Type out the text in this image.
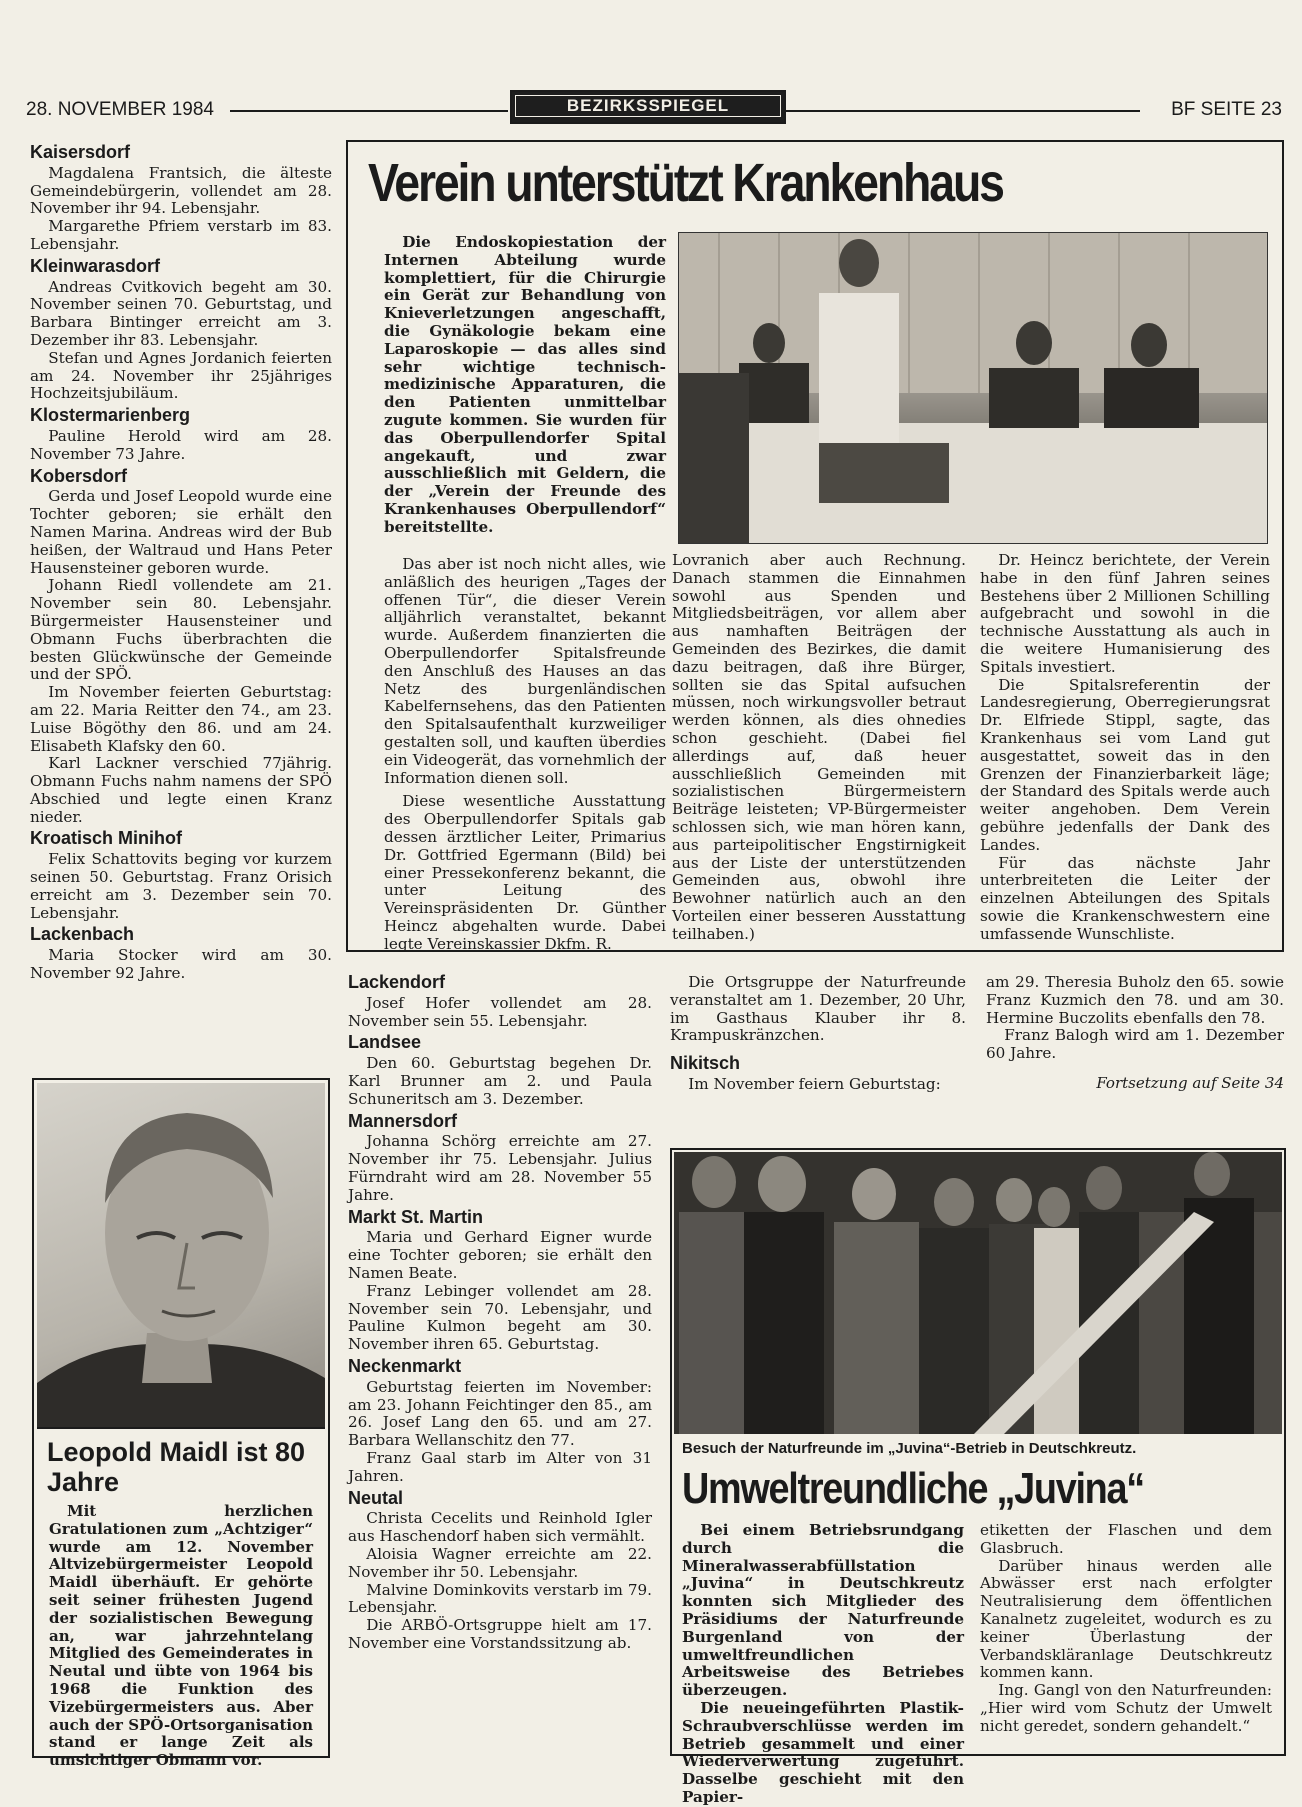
28. NOVEMBER 1984	BEZIRKSSPIEGEL	BF SEITE 23
Kaisersdorf

Magdalena Frantsich, die älteste Gemeindebürgerin, vollendet am 28. November ihr 94. Lebensjahr.

Margarethe Pfriem verstarb im 83. Lebensjahr.

Kleinwarasdorf

Andreas Cvitkovich begeht am 30. November seinen 70. Geburtstag, und Barbara Bintinger erreicht am 3. Dezember ihr 83. Lebensjahr.

Stefan und Agnes Jordanich feierten am 24. November ihr 25jähriges Hochzeitsjubiläum.

Klostermarienberg

Pauline Herold wird am 28. November 73 Jahre.

Kobersdorf

Gerda und Josef Leopold wurde eine Tochter geboren; sie erhält den Namen Marina. Andreas wird der Bub heißen, der Waltraud und Hans Peter Hausensteiner geboren wurde.

Johann Riedl vollendete am 21. November sein 80. Lebensjahr. Bürgermeister Hausensteiner und Obmann Fuchs überbrachten die besten Glückwünsche der Gemeinde und der SPÖ.

Im November feierten Geburtstag: am 22. Maria Reitter den 74., am 23. Luise Bögöthy den 86. und am 24. Elisabeth Klafsky den 60.

Karl Lackner verschied 77jährig. Obmann Fuchs nahm namens der SPÖ Abschied und legte einen Kranz nieder.

Kroatisch Minihof

Felix Schattovits beging vor kurzem seinen 50. Geburtstag. Franz Orisich erreicht am 3. Dezember sein 70. Lebensjahr.

Lackenbach

Maria Stocker wird am 30. November 92 Jahre.

Leopold Maidl ist 80 Jahre

Mit herzlichen Gratulationen zum „Achtziger“ wurde am 12. November Altvizebürgermeister Leopold Maidl überhäuft. Er gehörte seit seiner frühesten Jugend der sozialistischen Bewegung an, war jahrzehntelang Mitglied des Gemeinderates in Neutal und übte von 1964 bis 1968 die Funktion des Vizebürgermeisters aus. Aber auch der SPÖ-Ortsorganisation stand er lange Zeit als umsichtiger Obmann vor.

Verein unterstützt Krankenhaus

Die Endoskopiestation der Internen Abteilung wurde komplettiert, für die Chirurgie ein Gerät zur Behandlung von Knieverletzungen angeschafft, die Gynäkologie bekam eine Laparoskopie — das alles sind sehr wichtige technisch-medizinische Apparaturen, die den Patienten unmittelbar zugute kommen. Sie wurden für das Oberpullendorfer Spital angekauft, und zwar ausschließlich mit Geldern, die der „Verein der Freunde des Krankenhauses Oberpullendorf“ bereitstellte.

Das aber ist noch nicht alles, wie anläßlich des heurigen „Tages der offenen Tür“, die dieser Verein alljährlich veranstaltet, bekannt wurde. Außerdem finanzierten die Oberpullendorfer Spitalsfreunde den Anschluß des Hauses an das Netz des burgenländischen Kabelfernsehens, das den Patienten den Spitalsaufenthalt kurzweiliger gestalten soll, und kauften überdies ein Videogerät, das vornehmlich der Information dienen soll.

Diese wesentliche Ausstattung des Oberpullendorfer Spitals gab dessen ärztlicher Leiter, Primarius Dr. Gottfried Egermann (Bild) bei einer Pressekonferenz bekannt, die unter Leitung des Vereinspräsidenten Dr. Günther Heincz abgehalten wurde. Dabei legte Vereinskassier Dkfm. R.

Lovranich aber auch Rechnung. Danach stammen die Einnahmen sowohl aus Spenden und Mitgliedsbeiträgen, vor allem aber aus namhaften Beiträgen der Gemeinden des Bezirkes, die damit dazu beitragen, daß ihre Bürger, sollten sie das Spital aufsuchen müssen, noch wirkungsvoller betraut werden können, als dies ohnedies schon geschieht. (Dabei fiel allerdings auf, daß heuer ausschließlich Gemeinden mit sozialistischen Bürgermeistern Beiträge leisteten; VP-Bürgermeister schlossen sich, wie man hören kann, aus parteipolitischer Engstirnigkeit aus der Liste der unterstützenden Gemeinden aus, obwohl ihre Bewohner natürlich auch an den Vorteilen einer besseren Ausstattung teilhaben.)

Dr. Heincz berichtete, der Verein habe in den fünf Jahren seines Bestehens über 2 Millionen Schilling aufgebracht und sowohl in die technische Ausstattung als auch in die weitere Humanisierung des Spitals investiert.

Die Spitalsreferentin der Landesregierung, Oberregierungsrat Dr. Elfriede Stippl, sagte, das Krankenhaus sei vom Land gut ausgestattet, soweit das in den Grenzen der Finanzierbarkeit läge; der Standard des Spitals werde auch weiter angehoben. Dem Verein gebühre jedenfalls der Dank des Landes.

Für das nächste Jahr unterbreiteten die Leiter der einzelnen Abteilungen des Spitals sowie die Krankenschwestern eine umfassende Wunschliste.

Lackendorf

Josef Hofer vollendet am 28. November sein 55. Lebensjahr.

Landsee

Den 60. Geburtstag begehen Dr. Karl Brunner am 2. und Paula Schuneritsch am 3. Dezember.

Mannersdorf

Johanna Schörg erreichte am 27. November ihr 75. Lebensjahr. Julius Fürndraht wird am 28. November 55 Jahre.

Markt St. Martin

Maria und Gerhard Eigner wurde eine Tochter geboren; sie erhält den Namen Beate.

Franz Lebinger vollendet am 28. November sein 70. Lebensjahr, und Pauline Kulmon begeht am 30. November ihren 65. Geburtstag.

Neckenmarkt

Geburtstag feierten im November: am 23. Johann Feichtinger den 85., am 26. Josef Lang den 65. und am 27. Barbara Wellanschitz den 77.

Franz Gaal starb im Alter von 31 Jahren.

Neutal

Christa Cecelits und Reinhold Igler aus Haschendorf haben sich vermählt.

Aloisia Wagner erreichte am 22. November ihr 50. Lebensjahr.

Malvine Dominkovits verstarb im 79. Lebensjahr.

Die ARBÖ-Ortsgruppe hielt am 17. November eine Vorstandssitzung ab.

Die Ortsgruppe der Naturfreunde veranstaltet am 1. Dezember, 20 Uhr, im Gasthaus Klauber ihr 8. Krampuskränzchen.

Nikitsch

Im November feiern Geburtstag:

am 29. Theresia Buholz den 65. sowie Franz Kuzmich den 78. und am 30. Hermine Buczolits ebenfalls den 78.

Franz Balogh wird am 1. Dezember 60 Jahre.

Fortsetzung auf Seite 34
Besuch der Naturfreunde im „Juvina“-Betrieb in Deutschkreutz.
Umweltreundliche „Juvina“

Bei einem Betriebsrundgang durch die Mineralwasserabfüllstation „Juvina“ in Deutschkreutz konnten sich Mitglieder des Präsidiums der Naturfreunde Burgenland von der umweltfreundlichen Arbeitsweise des Betriebes überzeugen.

Die neueingeführten Plastik-Schraubverschlüsse werden im Betrieb gesammelt und einer Wiederverwertung zugeführt. Dasselbe geschieht mit den Papier-

etiketten der Flaschen und dem Glasbruch.

Darüber hinaus werden alle Abwässer erst nach erfolgter Neutralisierung dem öffentlichen Kanalnetz zugeleitet, wodurch es zu keiner Überlastung der Verbandskläranlage Deutschkreutz kommen kann.

Ing. Gangl von den Naturfreunden: „Hier wird vom Schutz der Umwelt nicht geredet, sondern gehandelt.“
